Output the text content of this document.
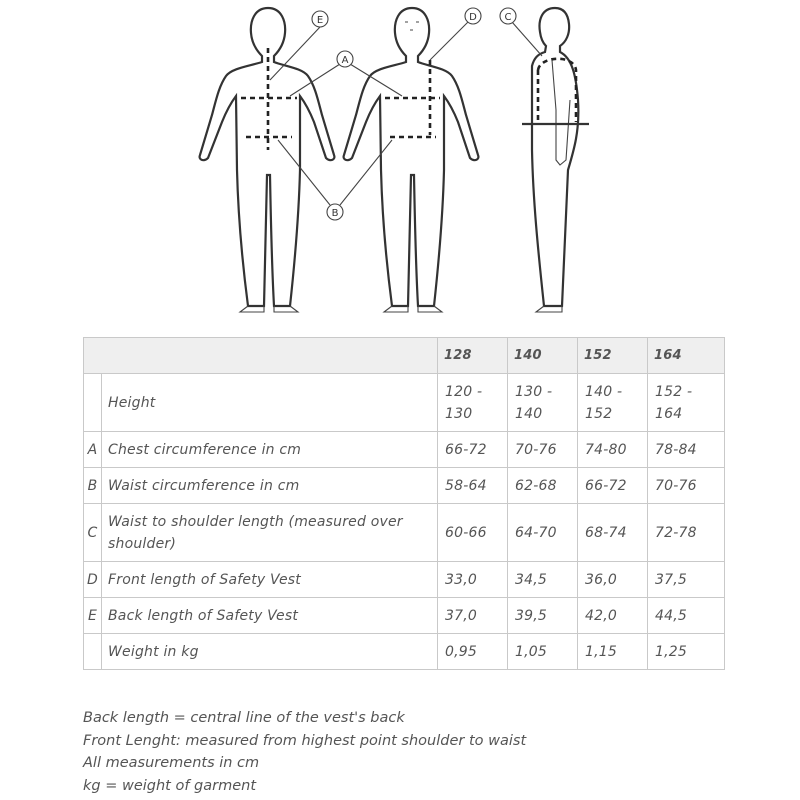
E
A
B
D	C
		128	140	152	164
	Height	120 - 130	130 - 140	140 - 152	152 - 164
A	Chest circumference in cm	66-72	70-76	74-80	78-84
B	Waist circumference in cm	58-64	62-68	66-72	70-76
C	Waist to shoulder length (measured over shoulder)	60-66	64-70	68-74	72-78
D	Front length of Safety Vest	33,0	34,5	36,0	37,5
E	Back length of Safety Vest	37,0	39,5	42,0	44,5
	Weight in kg	0,95	1,05	1,15	1,25
Back length = central line of the vest's back
Front Lenght: measured from highest point shoulder to waist
All measurements in cm
kg = weight of garment
